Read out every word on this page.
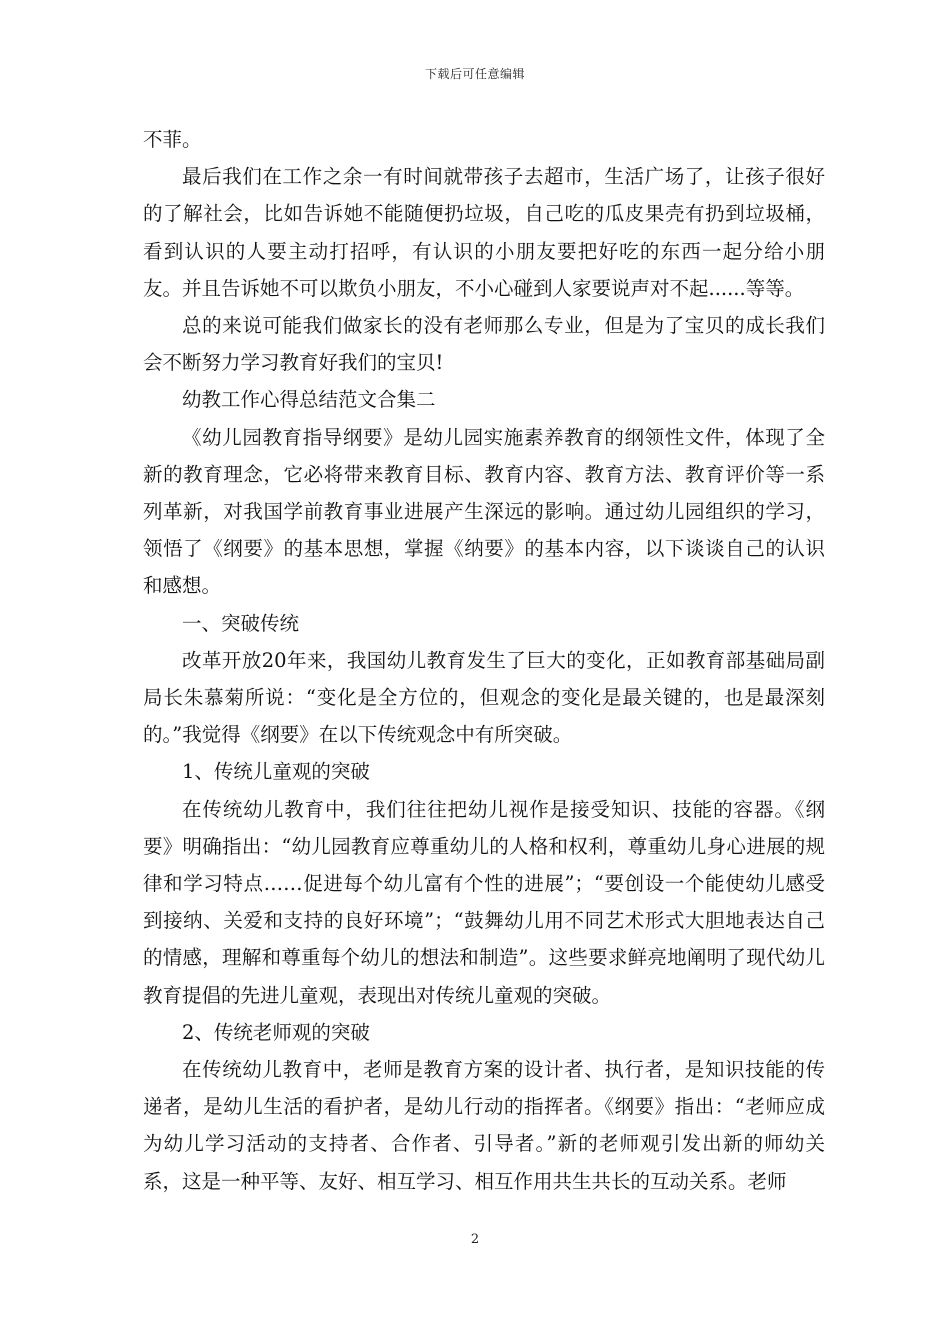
下载后可任意编辑

不菲。

最后我们在工作之余一有时间就带孩子去超市，生活广场了，让孩子很好的了解社会，比如告诉她不能随便扔垃圾，自己吃的瓜皮果壳有扔到垃圾桶，看到认识的人要主动打招呼，有认识的小朋友要把好吃的东西一起分给小朋友。并且告诉她不可以欺负小朋友，不小心碰到人家要说声对不起......等等。

总的来说可能我们做家长的没有老师那么专业，但是为了宝贝的成长我们会不断努力学习教育好我们的宝贝!

幼教工作心得总结范文合集二

《幼儿园教育指导纲要》是幼儿园实施素养教育的纲领性文件，体现了全新的教育理念，它必将带来教育目标、教育内容、教育方法、教育评价等一系列革新，对我国学前教育事业进展产生深远的影响。通过幼儿园组织的学习，领悟了《纲要》的基本思想，掌握《纳要》的基本内容，以下谈谈自己的认识和感想。

一、突破传统

改革开放20年来，我国幼儿教育发生了巨大的变化，正如教育部基础局副局长朱慕菊所说：“变化是全方位的，但观念的变化是最关键的，也是最深刻的。”我觉得《纲要》在以下传统观念中有所突破。

1、传统儿童观的突破

在传统幼儿教育中，我们往往把幼儿视作是接受知识、技能的容器。《纲要》明确指出：“幼儿园教育应尊重幼儿的人格和权利，尊重幼儿身心进展的规律和学习特点……促进每个幼儿富有个性的进展”；“要创设一个能使幼儿感受到接纳、关爱和支持的良好环境”；“鼓舞幼儿用不同艺术形式大胆地表达自己的情感，理解和尊重每个幼儿的想法和制造”。这些要求鲜亮地阐明了现代幼儿教育提倡的先进儿童观，表现出对传统儿童观的突破。

2、传统老师观的突破

在传统幼儿教育中，老师是教育方案的设计者、执行者，是知识技能的传递者，是幼儿生活的看护者，是幼儿行动的指挥者。《纲要》指出：“老师应成为幼儿学习活动的支持者、合作者、引导者。”新的老师观引发出新的师幼关系，这是一种平等、友好、相互学习、相互作用共生共长的互动关系。老师

2
